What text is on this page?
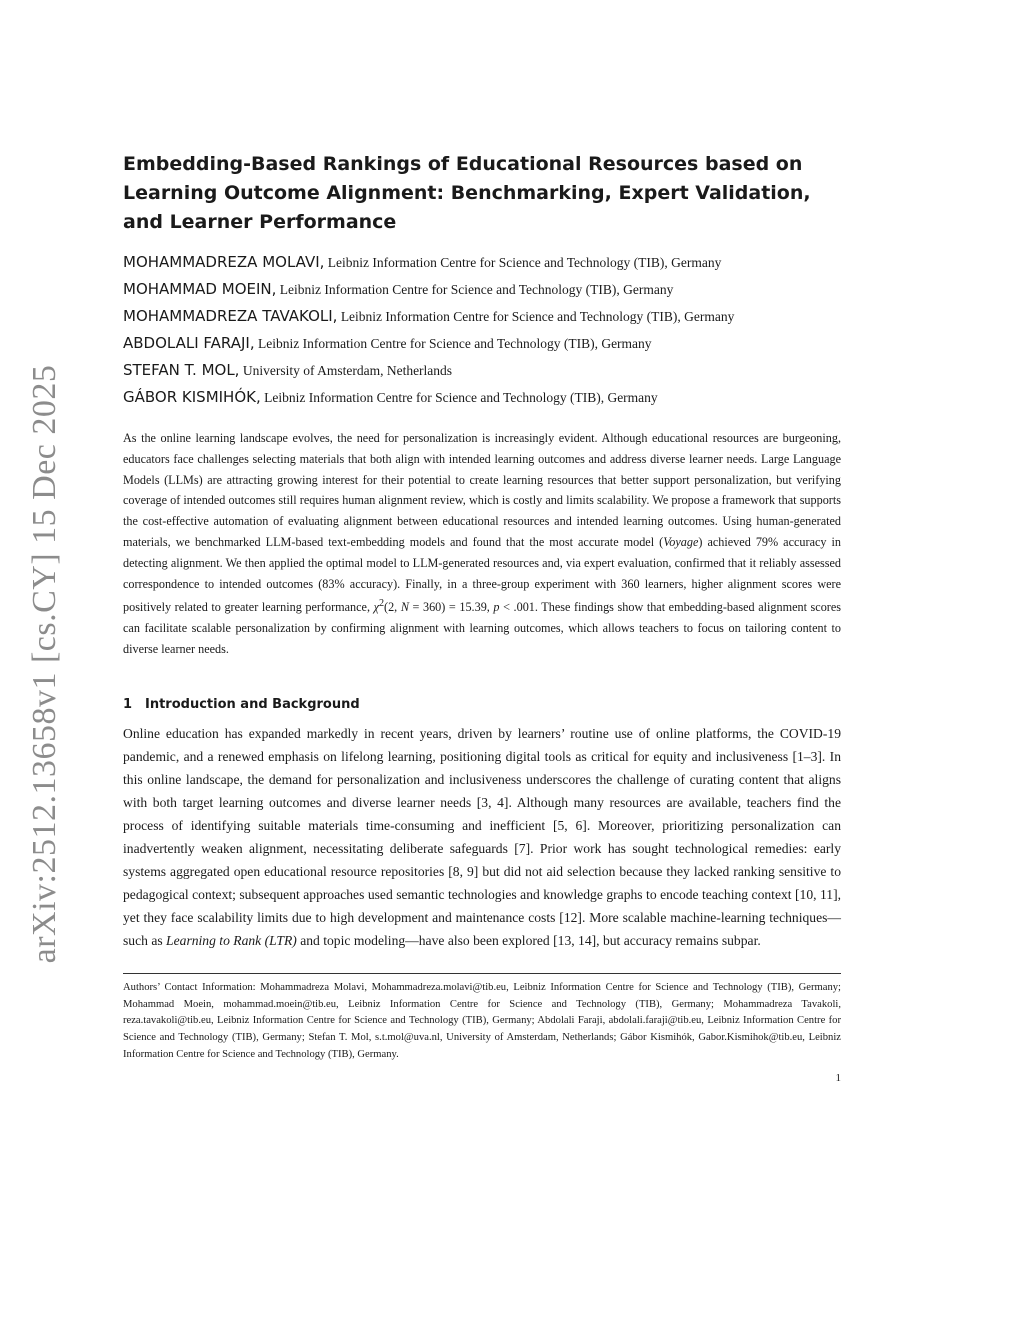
arXiv:2512.13658v1 [cs.CY] 15 Dec 2025
Embedding-Based Rankings of Educational Resources based on Learning Outcome Alignment: Benchmarking, Expert Validation, and Learner Performance
MOHAMMADREZA MOLAVI, Leibniz Information Centre for Science and Technology (TIB), Germany
MOHAMMAD MOEIN, Leibniz Information Centre for Science and Technology (TIB), Germany
MOHAMMADREZA TAVAKOLI, Leibniz Information Centre for Science and Technology (TIB), Germany
ABDOLALI FARAJI, Leibniz Information Centre for Science and Technology (TIB), Germany
STEFAN T. MOL, University of Amsterdam, Netherlands
GÁBOR KISMIHÓK, Leibniz Information Centre for Science and Technology (TIB), Germany

As the online learning landscape evolves, the need for personalization is increasingly evident. Although educational resources are burgeoning, educators face challenges selecting materials that both align with intended learning outcomes and address diverse learner needs. Large Language Models (LLMs) are attracting growing interest for their potential to create learning resources that better support personalization, but verifying coverage of intended outcomes still requires human alignment review, which is costly and limits scalability. We propose a framework that supports the cost-effective automation of evaluating alignment between educational resources and intended learning outcomes. Using human-generated materials, we benchmarked LLM-based text-embedding models and found that the most accurate model (Voyage) achieved 79% accuracy in detecting alignment. We then applied the optimal model to LLM-generated resources and, via expert evaluation, confirmed that it reliably assessed correspondence to intended outcomes (83% accuracy). Finally, in a three-group experiment with 360 learners, higher alignment scores were positively related to greater learning performance, $\chi^2(2$, N = 360) = 15.39, p < .001. These findings show that embedding-based alignment scores can facilitate scalable personalization by confirming alignment with learning outcomes, which allows teachers to focus on tailoring content to diverse learner needs.

1 Introduction and Background

Online education has expanded markedly in recent years, driven by learners’ routine use of online platforms, the COVID-19 pandemic, and a renewed emphasis on lifelong learning, positioning digital tools as critical for equity and inclusiveness [1–3]. In this online landscape, the demand for personalization and inclusiveness underscores the challenge of curating content that aligns with both target learning outcomes and diverse learner needs [3, 4]. Although many resources are available, teachers find the process of identifying suitable materials time-consuming and inefficient [5, 6]. Moreover, prioritizing personalization can inadvertently weaken alignment, necessitating deliberate safeguards [7]. Prior work has sought technological remedies: early systems aggregated open educational resource repositories [8, 9] but did not aid selection because they lacked ranking sensitive to pedagogical context; subsequent approaches used semantic technologies and knowledge graphs to encode teaching context [10, 11], yet they face scalability limits due to high development and maintenance costs [12]. More scalable machine-learning techniques—such as Learning to Rank (LTR) and topic modeling—have also been explored [13, 14], but accuracy remains subpar.

Authors’ Contact Information: Mohammadreza Molavi, Mohammadreza.molavi@tib.eu, Leibniz Information Centre for Science and Technology (TIB), Germany; Mohammad Moein, mohammad.moein@tib.eu, Leibniz Information Centre for Science and Technology (TIB), Germany; Mohammadreza Tavakoli, reza.tavakoli@tib.eu, Leibniz Information Centre for Science and Technology (TIB), Germany; Abdolali Faraji, abdolali.faraji@tib.eu, Leibniz Information Centre for Science and Technology (TIB), Germany; Stefan T. Mol, s.t.mol@uva.nl, University of Amsterdam, Netherlands; Gábor Kismihók, Gabor.Kismihok@tib.eu, Leibniz Information Centre for Science and Technology (TIB), Germany.

1
